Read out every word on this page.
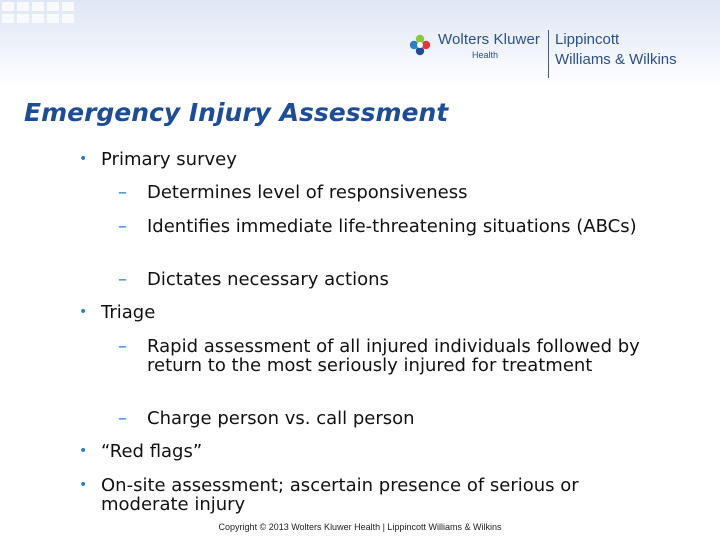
Wolters Kluwer
Health
Lippincott
Williams & Wilkins
Emergency Injury Assessment
• Primary survey
– Determines level of responsiveness
– Identifies immediate life-threatening situations (ABCs)
– Dictates necessary actions
• Triage
– Rapid assessment of all injured individuals followed by return to the most seriously injured for treatment
– Charge person vs. call person
• “Red flags”
• On-site assessment; ascertain presence of serious or moderate injury
Copyright © 2013 Wolters Kluwer Health | Lippincott Williams & Wilkins
